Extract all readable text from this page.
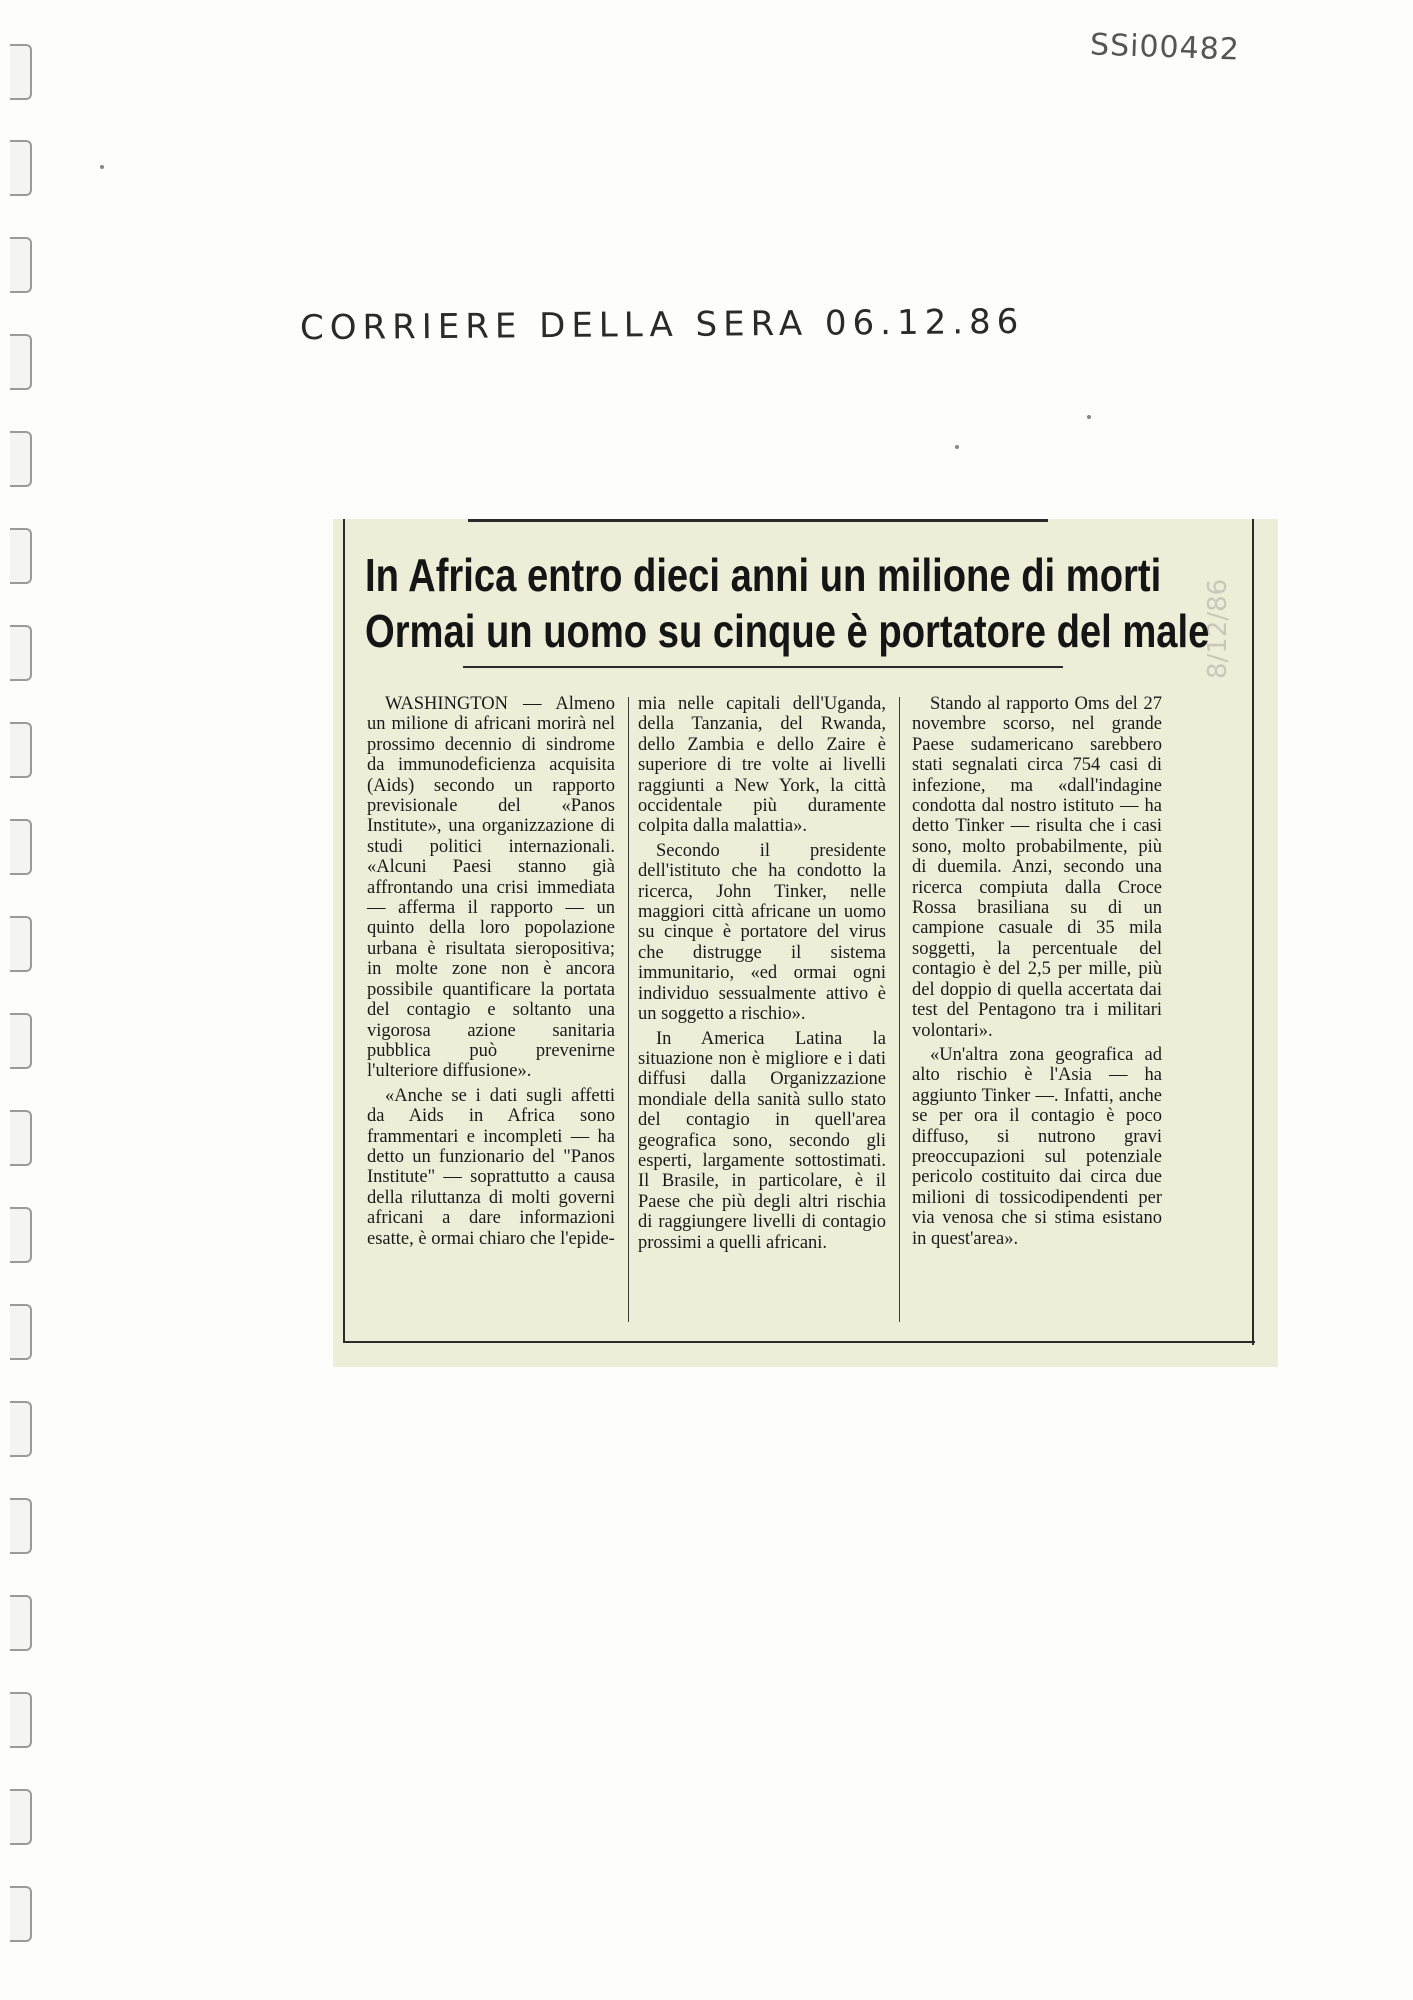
SSi00482
CORRIERE DELLA SERA 06.12.86
8/12/86
In Africa entro dieci anni un milione di morti
Ormai un uomo su cinque è portatore del male

WASHINGTON — Almeno un milione di africani morirà nel prossimo decennio di sindrome da immunodeficienza acquisita (Aids) secondo un rapporto previsionale del «Panos Institute», una organizzazione di studi politici internazionali. «Alcuni Paesi stanno già affrontando una crisi immediata — afferma il rapporto — un quinto della loro popolazione urbana è risultata sieropositiva; in molte zone non è ancora possibile quantificare la portata del contagio e soltanto una vigorosa azione sanitaria pubblica può prevenirne l'ulteriore diffusione».

«Anche se i dati sugli affetti da Aids in Africa sono frammentari e incompleti — ha detto un funzionario del "Panos Institute" — soprattutto a causa della riluttanza di molti governi africani a dare informazioni esatte, è ormai chiaro che l'epide-

mia nelle capitali dell'Uganda, della Tanzania, del Rwanda, dello Zambia e dello Zaire è superiore di tre volte ai livelli raggiunti a New York, la città occidentale più duramente colpita dalla malattia».

Secondo il presidente dell'istituto che ha condotto la ricerca, John Tinker, nelle maggiori città africane un uomo su cinque è portatore del virus che distrugge il sistema immunitario, «ed ormai ogni individuo sessualmente attivo è un soggetto a rischio».

In America Latina la situazione non è migliore e i dati diffusi dalla Organizzazione mondiale della sanità sullo stato del contagio in quell'area geografica sono, secondo gli esperti, largamente sottostimati. Il Brasile, in particolare, è il Paese che più degli altri rischia di raggiungere livelli di contagio prossimi a quelli africani.

Stando al rapporto Oms del 27 novembre scorso, nel grande Paese sudamericano sarebbero stati segnalati circa 754 casi di infezione, ma «dall'indagine condotta dal nostro istituto — ha detto Tinker — risulta che i casi sono, molto probabilmente, più di duemila. Anzi, secondo una ricerca compiuta dalla Croce Rossa brasiliana su di un campione casuale di 35 mila soggetti, la percentuale del contagio è del 2,5 per mille, più del doppio di quella accertata dai test del Pentagono tra i militari volontari».

«Un'altra zona geografica ad alto rischio è l'Asia — ha aggiunto Tinker —. Infatti, anche se per ora il contagio è poco diffuso, si nutrono gravi preoccupazioni sul potenziale pericolo costituito dai circa due milioni di tossicodipendenti per via venosa che si stima esistano in quest'area».
